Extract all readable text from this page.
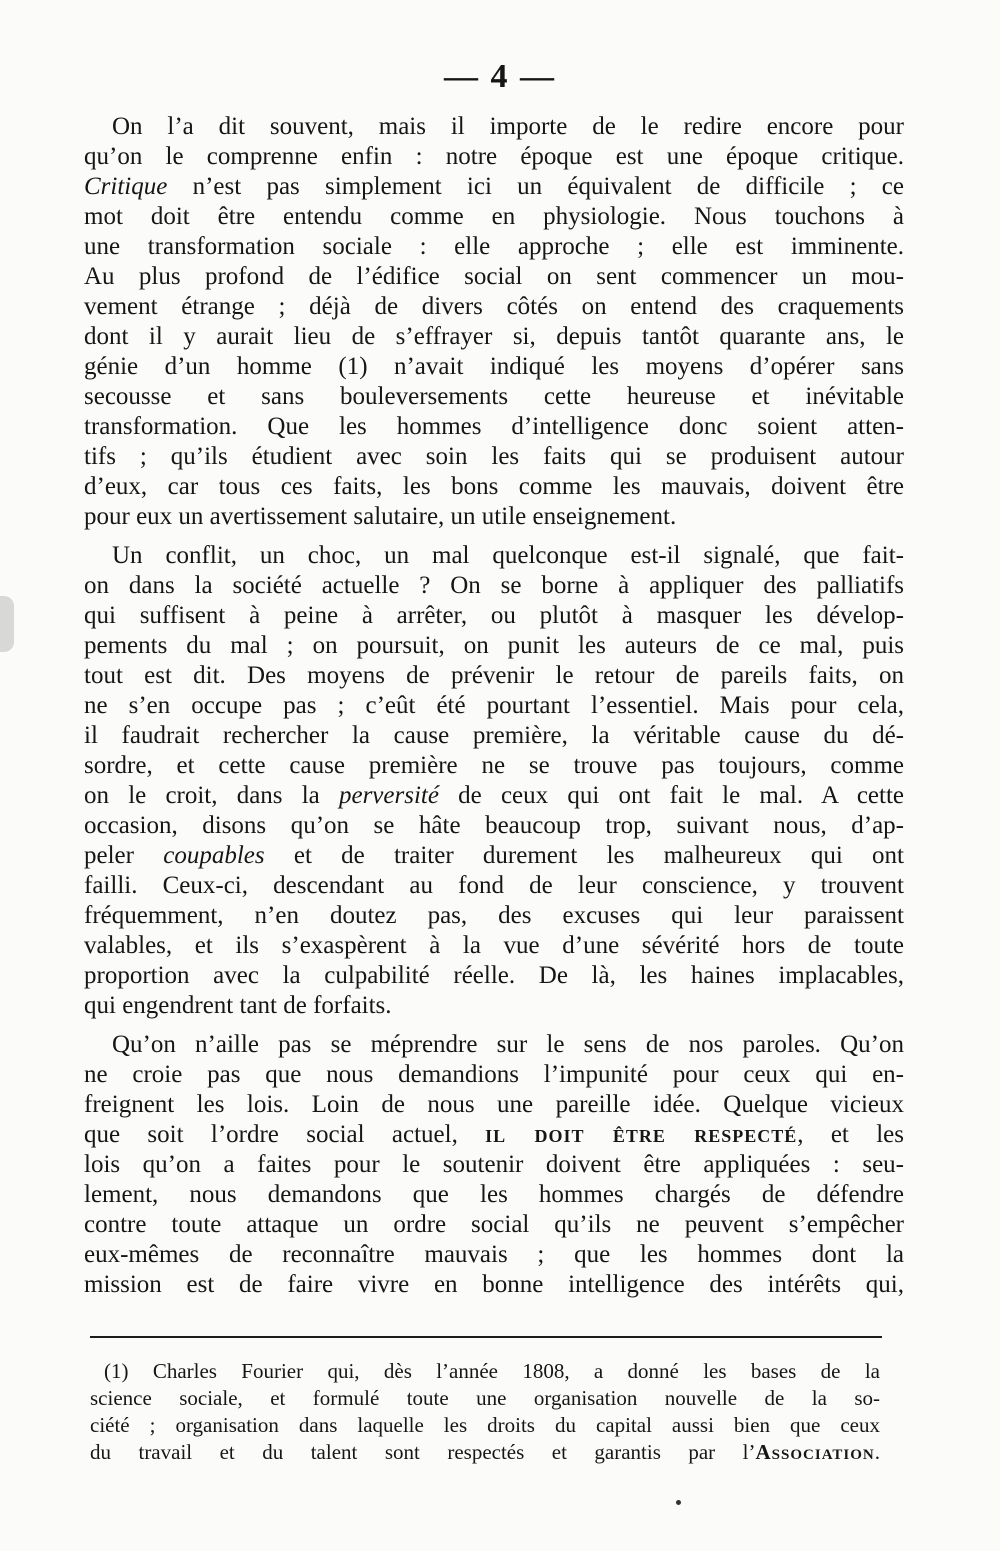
— 4 —
On l’a dit souvent, mais il importe de le redire encore pour
qu’on le comprenne enfin : notre époque est une époque critique.
Critique n’est pas simplement ici un équivalent de difficile ; ce
mot doit être entendu comme en physiologie. Nous touchons à
une transformation sociale : elle approche ; elle est imminente.
Au plus profond de l’édifice social on sent commencer un mou-
vement étrange ; déjà de divers côtés on entend des craquements
dont il y aurait lieu de s’effrayer si, depuis tantôt quarante ans, le
génie d’un homme (1) n’avait indiqué les moyens d’opérer sans
secousse et sans bouleversements cette heureuse et inévitable
transformation. Que les hommes d’intelligence donc soient atten-
tifs ; qu’ils étudient avec soin les faits qui se produisent autour
d’eux, car tous ces faits, les bons comme les mauvais, doivent être
pour eux un avertissement salutaire, un utile enseignement.
Un conflit, un choc, un mal quelconque est-il signalé, que fait-
on dans la société actuelle ? On se borne à appliquer des palliatifs
qui suffisent à peine à arrêter, ou plutôt à masquer les dévelop-
pements du mal ; on poursuit, on punit les auteurs de ce mal, puis
tout est dit. Des moyens de prévenir le retour de pareils faits, on
ne s’en occupe pas ; c’eût été pourtant l’essentiel. Mais pour cela,
il faudrait rechercher la cause première, la véritable cause du dé-
sordre, et cette cause première ne se trouve pas toujours, comme
on le croit, dans la perversité de ceux qui ont fait le mal. A cette
occasion, disons qu’on se hâte beaucoup trop, suivant nous, d’ap-
peler coupables et de traiter durement les malheureux qui ont
failli. Ceux-ci, descendant au fond de leur conscience, y trouvent
fréquemment, n’en doutez pas, des excuses qui leur paraissent
valables, et ils s’exaspèrent à la vue d’une sévérité hors de toute
proportion avec la culpabilité réelle. De là, les haines implacables,
qui engendrent tant de forfaits.
Qu’on n’aille pas se méprendre sur le sens de nos paroles. Qu’on
ne croie pas que nous demandions l’impunité pour ceux qui en-
freignent les lois. Loin de nous une pareille idée. Quelque vicieux
que soit l’ordre social actuel, il doit être respecté, et les
lois qu’on a faites pour le soutenir doivent être appliquées : seu-
lement, nous demandons que les hommes chargés de défendre
contre toute attaque un ordre social qu’ils ne peuvent s’empêcher
eux-mêmes de reconnaître mauvais ; que les hommes dont la
mission est de faire vivre en bonne intelligence des intérêts qui,
(1) Charles Fourier qui, dès l’année 1808, a donné les bases de la
science sociale, et formulé toute une organisation nouvelle de la so-
ciété ; organisation dans laquelle les droits du capital aussi bien que ceux
du travail et du talent sont respectés et garantis par l’Association.
